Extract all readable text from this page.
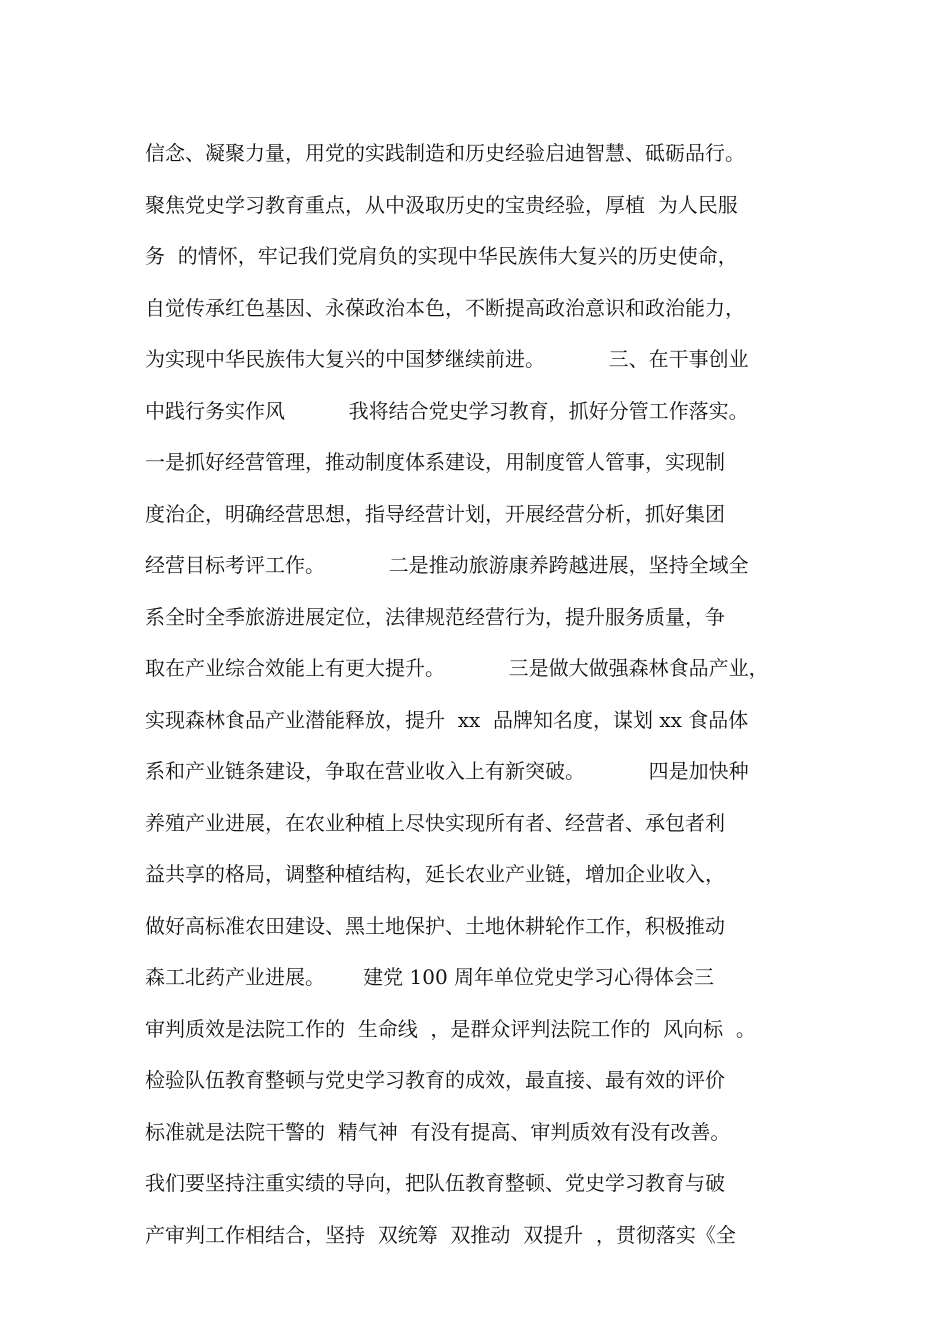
信念、凝聚力量，用党的实践制造和历史经验启迪智慧、砥砺品行。
聚焦党史学习教育重点，从中汲取历史的宝贵经验，厚植  为人民服
务  的情怀，牢记我们党肩负的实现中华民族伟大复兴的历史使命，
自觉传承红色基因、永葆政治本色，不断提高政治意识和政治能力，
为实现中华民族伟大复兴的中国梦继续前进。          三、在干事创业
中践行务实作风          我将结合党史学习教育，抓好分管工作落实。
一是抓好经营管理，推动制度体系建设，用制度管人管事，实现制
度治企，明确经营思想，指导经营计划，开展经营分析，抓好集团
经营目标考评工作。          二是推动旅游康养跨越进展，坚持全域全
系全时全季旅游进展定位，法律规范经营行为，提升服务质量，争
取在产业综合效能上有更大提升。          三是做大做强森林食品产业，
实现森林食品产业潜能释放，提升  xx  品牌知名度，谋划 xx 食品体
系和产业链条建设，争取在营业收入上有新突破。          四是加快种
养殖产业进展，在农业种植上尽快实现所有者、经营者、承包者利
益共享的格局，调整种植结构，延长农业产业链，增加企业收入，
做好高标准农田建设、黑土地保护、土地休耕轮作工作，积极推动
森工北药产业进展。      建党 100 周年单位党史学习心得体会三
审判质效是法院工作的  生命线  ，是群众评判法院工作的  风向标  。
检验队伍教育整顿与党史学习教育的成效，最直接、最有效的评价
标准就是法院干警的  精气神  有没有提高、审判质效有没有改善。
我们要坚持注重实绩的导向，把队伍教育整顿、党史学习教育与破
产审判工作相结合，坚持  双统筹  双推动  双提升  ，贯彻落实《全
